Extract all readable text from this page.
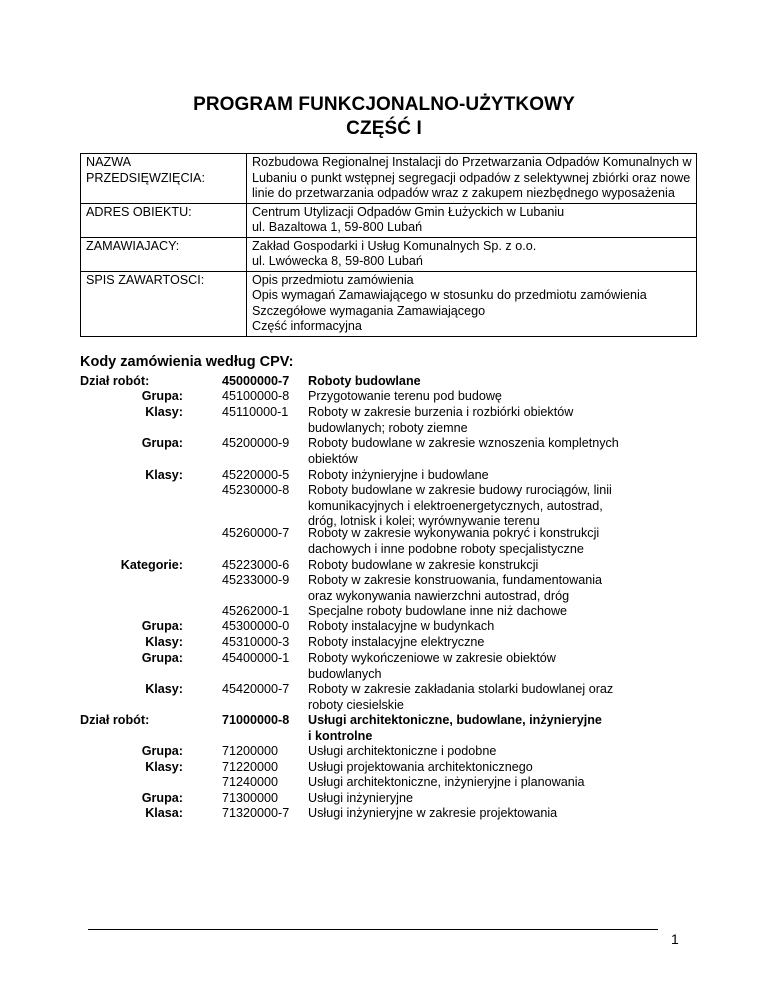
PROGRAM FUNKCJONALNO-UŻYTKOWY
CZĘŚĆ I
NAZWA
PRZEDSIĘWZIĘCIA:	Rozbudowa Regionalnej Instalacji do Przetwarzania Odpadów Komunalnych w
Lubaniu o punkt wstępnej segregacji odpadów z selektywnej zbiórki oraz nowe
linie do przetwarzania odpadów wraz z zakupem niezbędnego wyposażenia

ADRES OBIEKTU:	Centrum Utylizacji Odpadów Gmin Łużyckich w Lubaniu
ul. Bazaltowa 1, 59-800 Lubań

ZAMAWIAJACY:	Zakład Gospodarki i Usług Komunalnych Sp. z o.o.
ul. Lwówecka 8, 59-800 Lubań

SPIS ZAWARTOSCI:	Opis przedmiotu zamówienia
Opis wymagań Zamawiającego w stosunku do przedmiotu zamówienia
Szczegółowe wymagania Zamawiającego
Część informacyjna
Kody zamówienia według CPV:
Dział robót:	45000000-7 Roboty budowlane
Grupa:	45100000-8 Przygotowanie terenu pod budowę
Klasy:	45110000-1 Roboty w zakresie burzenia i rozbiórki obiektów
budowlanych; roboty ziemne
Grupa:	45200000-9 Roboty budowlane w zakresie wznoszenia kompletnych
obiektów
Klasy:	45220000-5 Roboty inżynieryjne i budowlane
45230000-8 Roboty budowlane w zakresie budowy rurociągów, linii
komunikacyjnych i elektroenergetycznych, autostrad,
dróg, lotnisk i kolei; wyrównywanie terenu
45260000-7 Roboty w zakresie wykonywania pokryć i konstrukcji
dachowych i inne podobne roboty specjalistyczne
Kategorie:	45223000-6 Roboty budowlane w zakresie konstrukcji
45233000-9 Roboty w zakresie konstruowania, fundamentowania
oraz wykonywania nawierzchni autostrad, dróg
45262000-1 Specjalne roboty budowlane inne niż dachowe
Grupa:	45300000-0 Roboty instalacyjne w budynkach
Klasy:	45310000-3 Roboty instalacyjne elektryczne
Grupa:	45400000-1 Roboty wykończeniowe w zakresie obiektów
budowlanych
Klasy:	45420000-7 Roboty w zakresie zakładania stolarki budowlanej oraz
roboty ciesielskie
Dział robót:	71000000-8 Usługi architektoniczne, budowlane, inżynieryjne
i kontrolne
Grupa:	71200000 Usługi architektoniczne i podobne
Klasy:	71220000 Usługi projektowania architektonicznego
71240000 Usługi architektoniczne, inżynieryjne i planowania
Grupa:	71300000 Usługi inżynieryjne
Klasa:	71320000-7 Usługi inżynieryjne w zakresie projektowania
1
